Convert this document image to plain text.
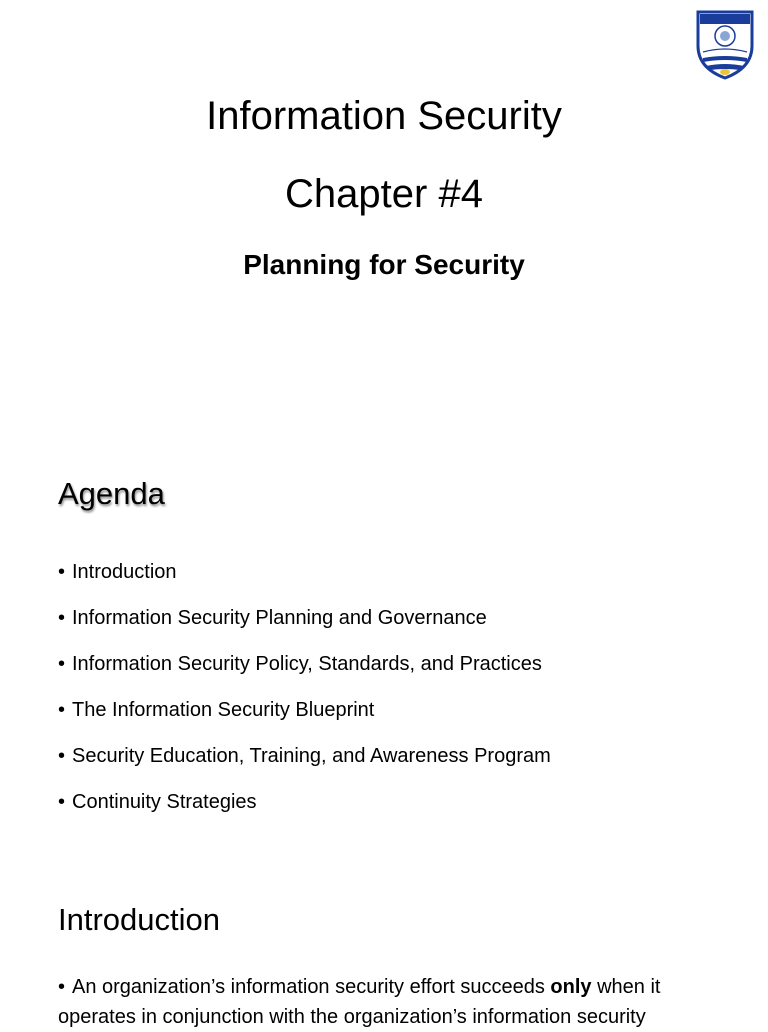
Information Security
Chapter #4
Planning for Security
Agenda
• Introduction
• Information Security Planning and Governance
• Information Security Policy, Standards, and Practices
• The Information Security Blueprint
• Security Education, Training, and Awareness Program
• Continuity Strategies
Introduction
• An organization’s information security effort succeeds only when it operates in conjunction with the organization’s information security
